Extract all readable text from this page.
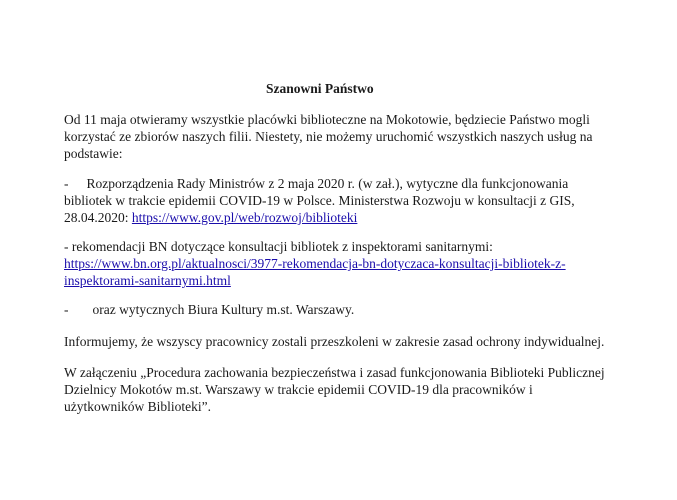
Szanowni Państwo

Od 11 maja otwieramy wszystkie placówki biblioteczne na Mokotowie, będziecie Państwo mogli
korzystać ze zbiorów naszych filii. Niestety, nie możemy uruchomić wszystkich naszych usług na
podstawie:

- Rozporządzenia Rady Ministrów z 2 maja 2020 r. (w zał.), wytyczne dla funkcjonowania
bibliotek w trakcie epidemii COVID-19 w Polsce. Ministerstwa Rozwoju w konsultacji z GIS,
28.04.2020: https://www.gov.pl/web/rozwoj/biblioteki

- rekomendacji BN dotyczące konsultacji bibliotek z inspektorami sanitarnymi:
https://www.bn.org.pl/aktualnosci/3977-rekomendacja-bn-dotyczaca-konsultacji-bibliotek-z-
inspektorami-sanitarnymi.html

- oraz wytycznych Biura Kultury m.st. Warszawy.

Informujemy, że wszyscy pracownicy zostali przeszkoleni w zakresie zasad ochrony indywidualnej.

W załączeniu „Procedura zachowania bezpieczeństwa i zasad funkcjonowania Biblioteki Publicznej
Dzielnicy Mokotów m.st. Warszawy w trakcie epidemii COVID-19 dla pracowników i
użytkowników Biblioteki”.
